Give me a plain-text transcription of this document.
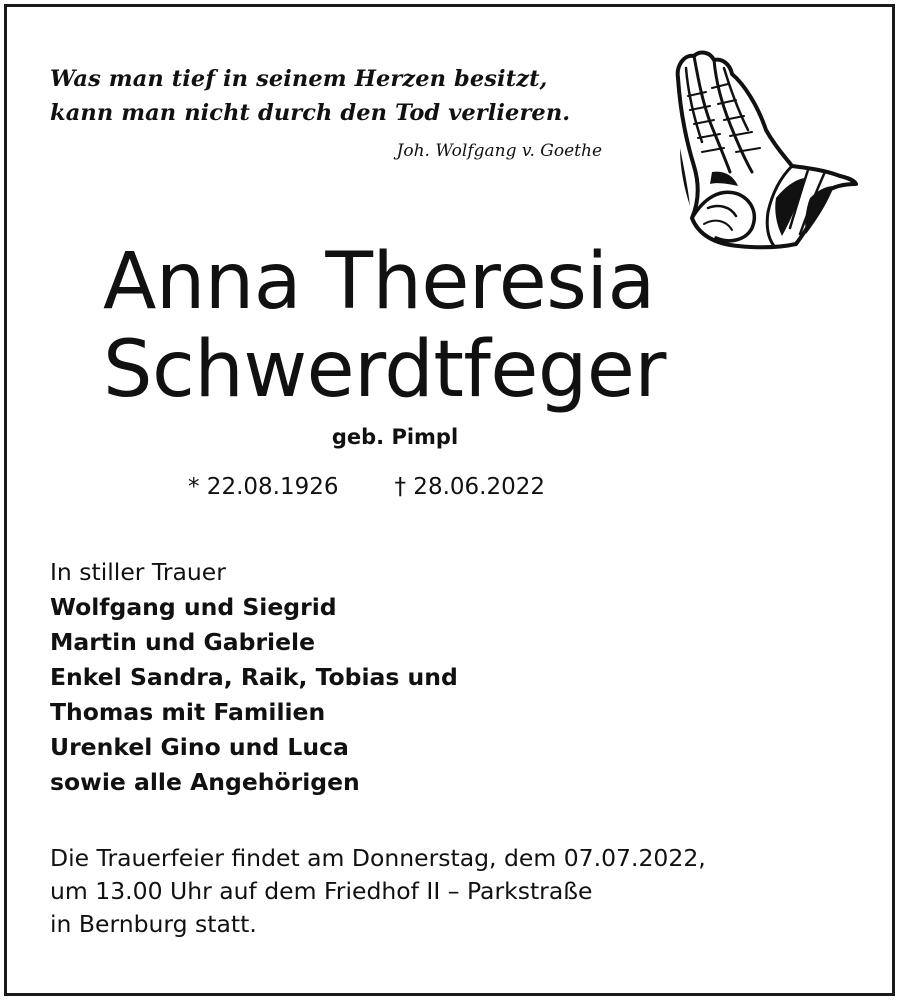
Was man tief in seinem Herzen besitzt,
kann man nicht durch den Tod verlieren.
Joh. Wolfgang v. Goethe
Anna Theresia
Schwerdtfeger
geb. Pimpl
* 22.08.1926 † 28.06.2022
In stiller Trauer
Wolfgang und Siegrid
Martin und Gabriele
Enkel Sandra, Raik, Tobias und
Thomas mit Familien
Urenkel Gino und Luca
sowie alle Angehörigen
Die Trauerfeier findet am Donnerstag, dem 07.07.2022,
um 13.00 Uhr auf dem Friedhof II – Parkstraße
in Bernburg statt.
